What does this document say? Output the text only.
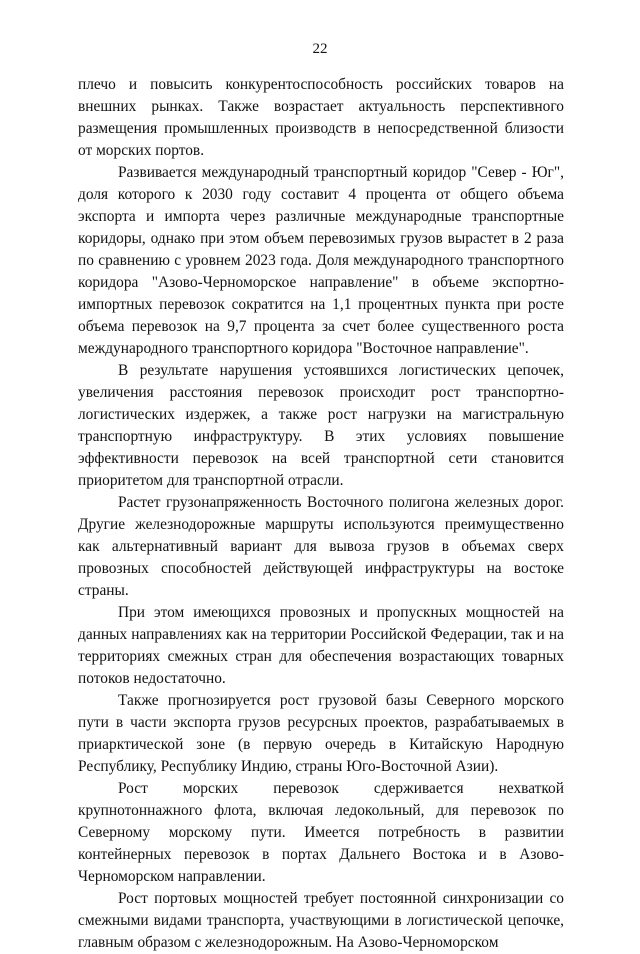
22

плечо и повысить конкурентоспособность российских товаров на внешних рынках. Также возрастает актуальность перспективного размещения промышленных производств в непосредственной близости от морских портов.

Развивается международный транспортный коридор "Север - Юг", доля которого к 2030 году составит 4 процента от общего объема экспорта и импорта через различные международные транспортные коридоры, однако при этом объем перевозимых грузов вырастет в 2 раза по сравнению с уровнем 2023 года. Доля международного транспортного коридора "Азово-Черноморское направление" в объеме экспортно-импортных перевозок сократится на 1,1 процентных пункта при росте объема перевозок на 9,7 процента за счет более существенного роста международного транспортного коридора "Восточное направление".

В результате нарушения устоявшихся логистических цепочек, увеличения расстояния перевозок происходит рост транспортно-логистических издержек, а также рост нагрузки на магистральную транспортную инфраструктуру. В этих условиях повышение эффективности перевозок на всей транспортной сети становится приоритетом для транспортной отрасли.

Растет грузонапряженность Восточного полигона железных дорог. Другие железнодорожные маршруты используются преимущественно как альтернативный вариант для вывоза грузов в объемах сверх провозных способностей действующей инфраструктуры на востоке страны.

При этом имеющихся провозных и пропускных мощностей на данных направлениях как на территории Российской Федерации, так и на территориях смежных стран для обеспечения возрастающих товарных потоков недостаточно.

Также прогнозируется рост грузовой базы Северного морского пути в части экспорта грузов ресурсных проектов, разрабатываемых в приарктической зоне (в первую очередь в Китайскую Народную Республику, Республику Индию, страны Юго-Восточной Азии).

Рост морских перевозок сдерживается нехваткой крупнотоннажного флота, включая ледокольный, для перевозок по Северному морскому пути. Имеется потребность в развитии контейнерных перевозок в портах Дальнего Востока и в Азово-Черноморском направлении.

Рост портовых мощностей требует постоянной синхронизации со смежными видами транспорта, участвующими в логистической цепочке, главным образом с железнодорожным. На Азово-Черноморском
